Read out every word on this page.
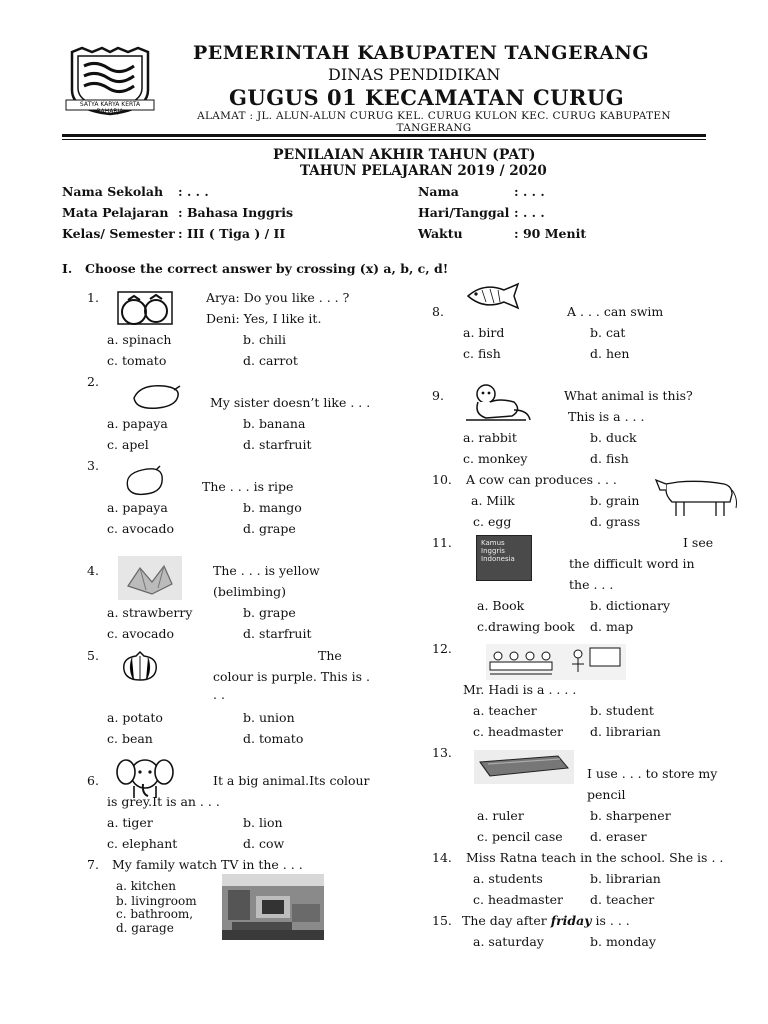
SATYA KARYA KERTA RAHARJA
PEMERINTAH KABUPATEN TANGERANG
DINAS PENDIDIKAN
GUGUS 01 KECAMATAN CURUG
ALAMAT : JL. ALUN-ALUN CURUG KEL. CURUG KULON KEC. CURUG KABUPATEN TANGERANG
PENILAIAN AKHIR TAHUN (PAT)
TAHUN PELAJARAN 2019 / 2020
Nama Sekolah : . . .
Mata Pelajaran : Bahasa Inggris
Kelas/ Semester : III ( Tiga ) / II
Nama	: . . .
Hari/Tanggal : . . .
Waktu	: 90 Menit
I. Choose the correct answer by crossing (x) a, b, c, d!
1.	Arya: Do you like . . . ?
Deni: Yes, I like it.
a. spinach	b. chili
c. tomato	d. carrot
2.
My sister doesn’t like . . .
a. papaya	b. banana
c. apel	d. starfruit
3.
The . . . is ripe
a. papaya	b. mango
c. avocado	d. grape
4.	The . . . is yellow
(belimbing)
a. strawberry	b. grape
c. avocado	d. starfruit
5.	The
colour is purple. This is .
. .
a. potato	b. union
c. bean	d. tomato
6.	It a big animal.Its colour
is grey.It is an . . .
a. tiger	b. lion
c. elephant	d. cow
7. My family watch TV in the . . .
a. kitchen
b. livingroom
c. bathroom,
d. garage
8.	A . . . can swim
a. bird	b. cat
c. fish	d. hen
9.	What animal is this?
This is a . . .
a. rabbit	b. duck
c. monkey	d. fish
10. A cow can produces . . .
a. Milk	b. grain
c. egg	d. grass
11.	Kamus Inggris Indonesia
I see
the difficult word in
the . . .
a. Book	b. dictionary
c.drawing book d. map
12.
Mr. Hadi is a . . . .
a. teacher	b. student
c. headmaster d. librarian
13.
I use . . . to store my
pencil
a. ruler	b. sharpener
c. pencil case d. eraser
14. Miss Ratna teach in the school. She is . .
a. students	b. librarian
c. headmaster d. teacher
15. The day after friday is . . .
a. saturday	b. monday
